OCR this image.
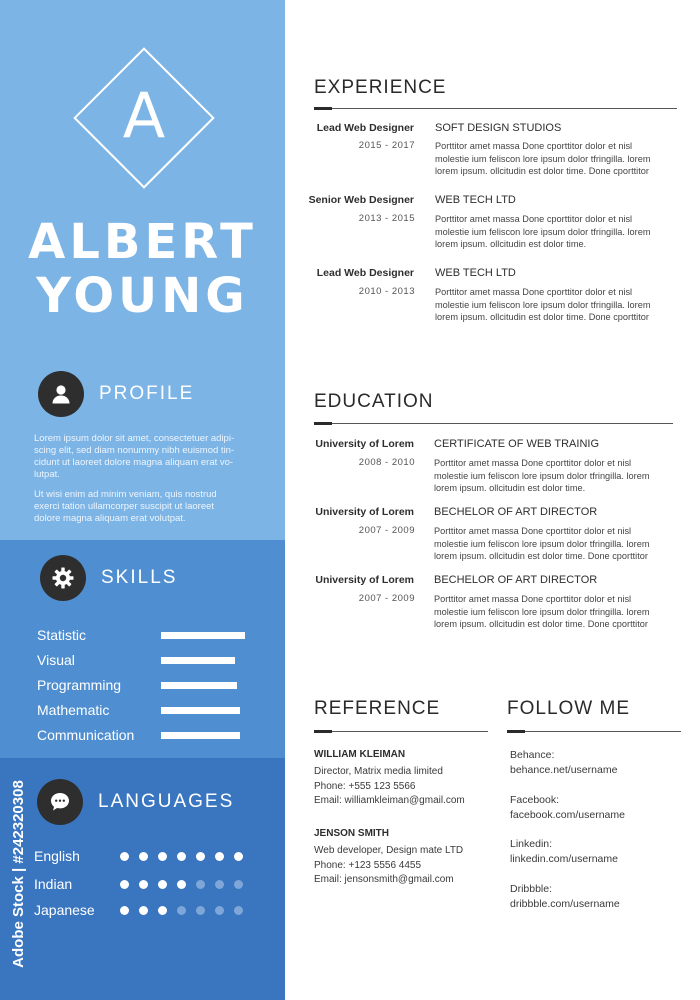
A
ALBERT
YOUNG
PROFILE
Lorem ipsum dolor sit amet, consectetuer adipi-
scing elit, sed diam nonummy nibh euismod tin-
cidunt ut laoreet dolore magna aliquam erat vo-
lutpat.
Ut wisi enim ad minim veniam, quis nostrud
exerci tation ullamcorper suscipit ut laoreet
dolore magna aliquam erat volutpat.
SKILLS
Statistic
Visual
Programming
Mathematic
Communication
LANGUAGES
English
Indian
Japanese
Adobe Stock | #242320308
EXPERIENCE
Lead Web Designer
2015 - 2017
SOFT DESIGN STUDIOS
Porttitor amet massa Done cporttitor dolor et nisl
molestie ium feliscon lore ipsum dolor tfringilla. lorem
lorem ipsum. ollcitudin est dolor time. Done cporttitor
Senior Web Designer
2013 - 2015
WEB TECH LTD
Porttitor amet massa Done cporttitor dolor et nisl
molestie ium feliscon lore ipsum dolor tfringilla. lorem
lorem ipsum. ollcitudin est dolor time.
Lead Web Designer
2010 - 2013
WEB TECH LTD
Porttitor amet massa Done cporttitor dolor et nisl
molestie ium feliscon lore ipsum dolor tfringilla. lorem
lorem ipsum. ollcitudin est dolor time. Done cporttitor
EDUCATION
University of Lorem
2008 - 2010
CERTIFICATE OF WEB TRAINIG
Porttitor amet massa Done cporttitor dolor et nisl
molestie ium feliscon lore ipsum dolor tfringilla. lorem
lorem ipsum. ollcitudin est dolor time.
University of Lorem
2007 - 2009
BECHELOR OF ART DIRECTOR
Porttitor amet massa Done cporttitor dolor et nisl
molestie ium feliscon lore ipsum dolor tfringilla. lorem
lorem ipsum. ollcitudin est dolor time. Done cporttitor
University of Lorem
2007 - 2009
BECHELOR OF ART DIRECTOR
Porttitor amet massa Done cporttitor dolor et nisl
molestie ium feliscon lore ipsum dolor tfringilla. lorem
lorem ipsum. ollcitudin est dolor time. Done cporttitor
REFERENCE
WILLIAM KLEIMAN
Director, Matrix media limited
Phone: +555 123 5566
Email: williamkleiman@gmail.com
JENSON SMITH
Web developer, Design mate LTD
Phone: +123 5556 4455
Email: jensonsmith@gmail.com
FOLLOW ME
Behance:
behance.net/username
Facebook:
facebook.com/username
Linkedin:
linkedin.com/username
Dribbble:
dribbble.com/username
